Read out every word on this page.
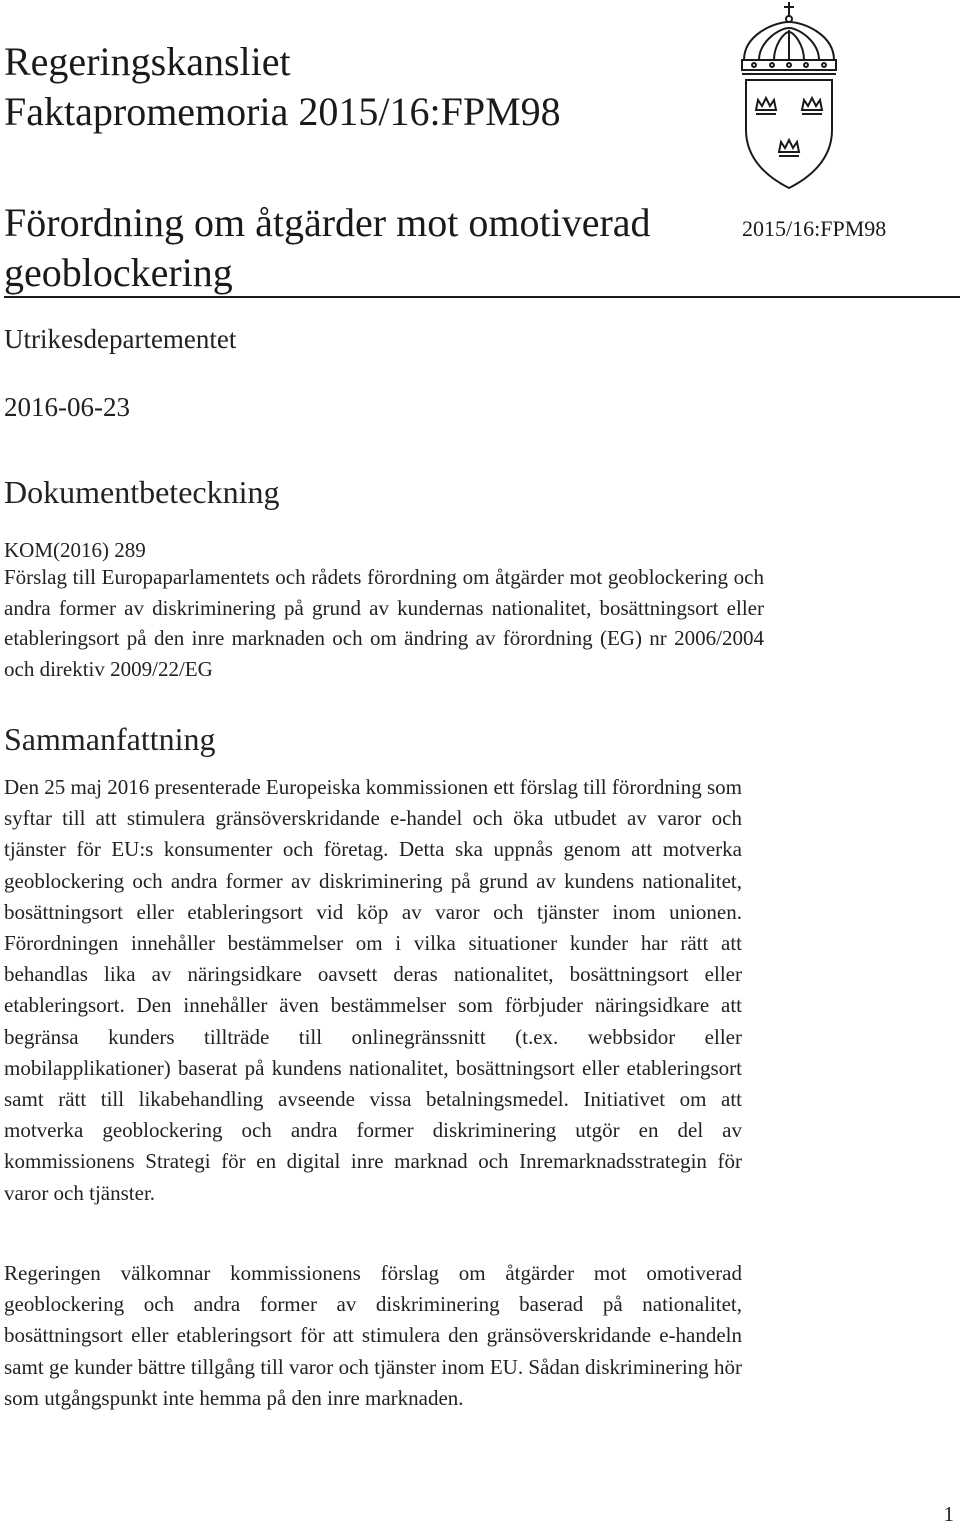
Regeringskansliet
Faktapromemoria 2015/16:FPM98
Förordning om åtgärder mot omotiverad geoblockering
2015/16:FPM98
Utrikesdepartementet
2016-06-23
Dokumentbeteckning
KOM(2016) 289
Förslag till Europaparlamentets och rådets förordning om åtgärder mot geoblockering och andra former av diskriminering på grund av kundernas nationalitet, bosättningsort eller etableringsort på den inre marknaden och om ändring av förordning (EG) nr 2006/2004 och direktiv 2009/22/EG
Sammanfattning
Den 25 maj 2016 presenterade Europeiska kommissionen ett förslag till förordning som syftar till att stimulera gränsöverskridande e-handel och öka utbudet av varor och tjänster för EU:s konsumenter och företag. Detta ska uppnås genom att motverka geoblockering och andra former av diskriminering på grund av kundens nationalitet, bosättningsort eller etableringsort vid köp av varor och tjänster inom unionen. Förordningen innehåller bestämmelser om i vilka situationer kunder har rätt att behandlas lika av näringsidkare oavsett deras nationalitet, bosättningsort eller etableringsort. Den innehåller även bestämmelser som förbjuder näringsidkare att begränsa kunders tillträde till onlinegränssnitt (t.ex. webbsidor eller mobilapplikationer) baserat på kundens nationalitet, bosättningsort eller etableringsort samt rätt till likabehandling avseende vissa betalningsmedel. Initiativet om att motverka geoblockering och andra former diskriminering utgör en del av kommissionens Strategi för en digital inre marknad och Inremarknadsstrategin för varor och tjänster.
Regeringen välkomnar kommissionens förslag om åtgärder mot omotiverad geoblockering och andra former av diskriminering baserad på nationalitet, bosättningsort eller etableringsort för att stimulera den gränsöverskridande e-handeln samt ge kunder bättre tillgång till varor och tjänster inom EU. Sådan diskriminering hör som utgångspunkt inte hemma på den inre marknaden.
1
